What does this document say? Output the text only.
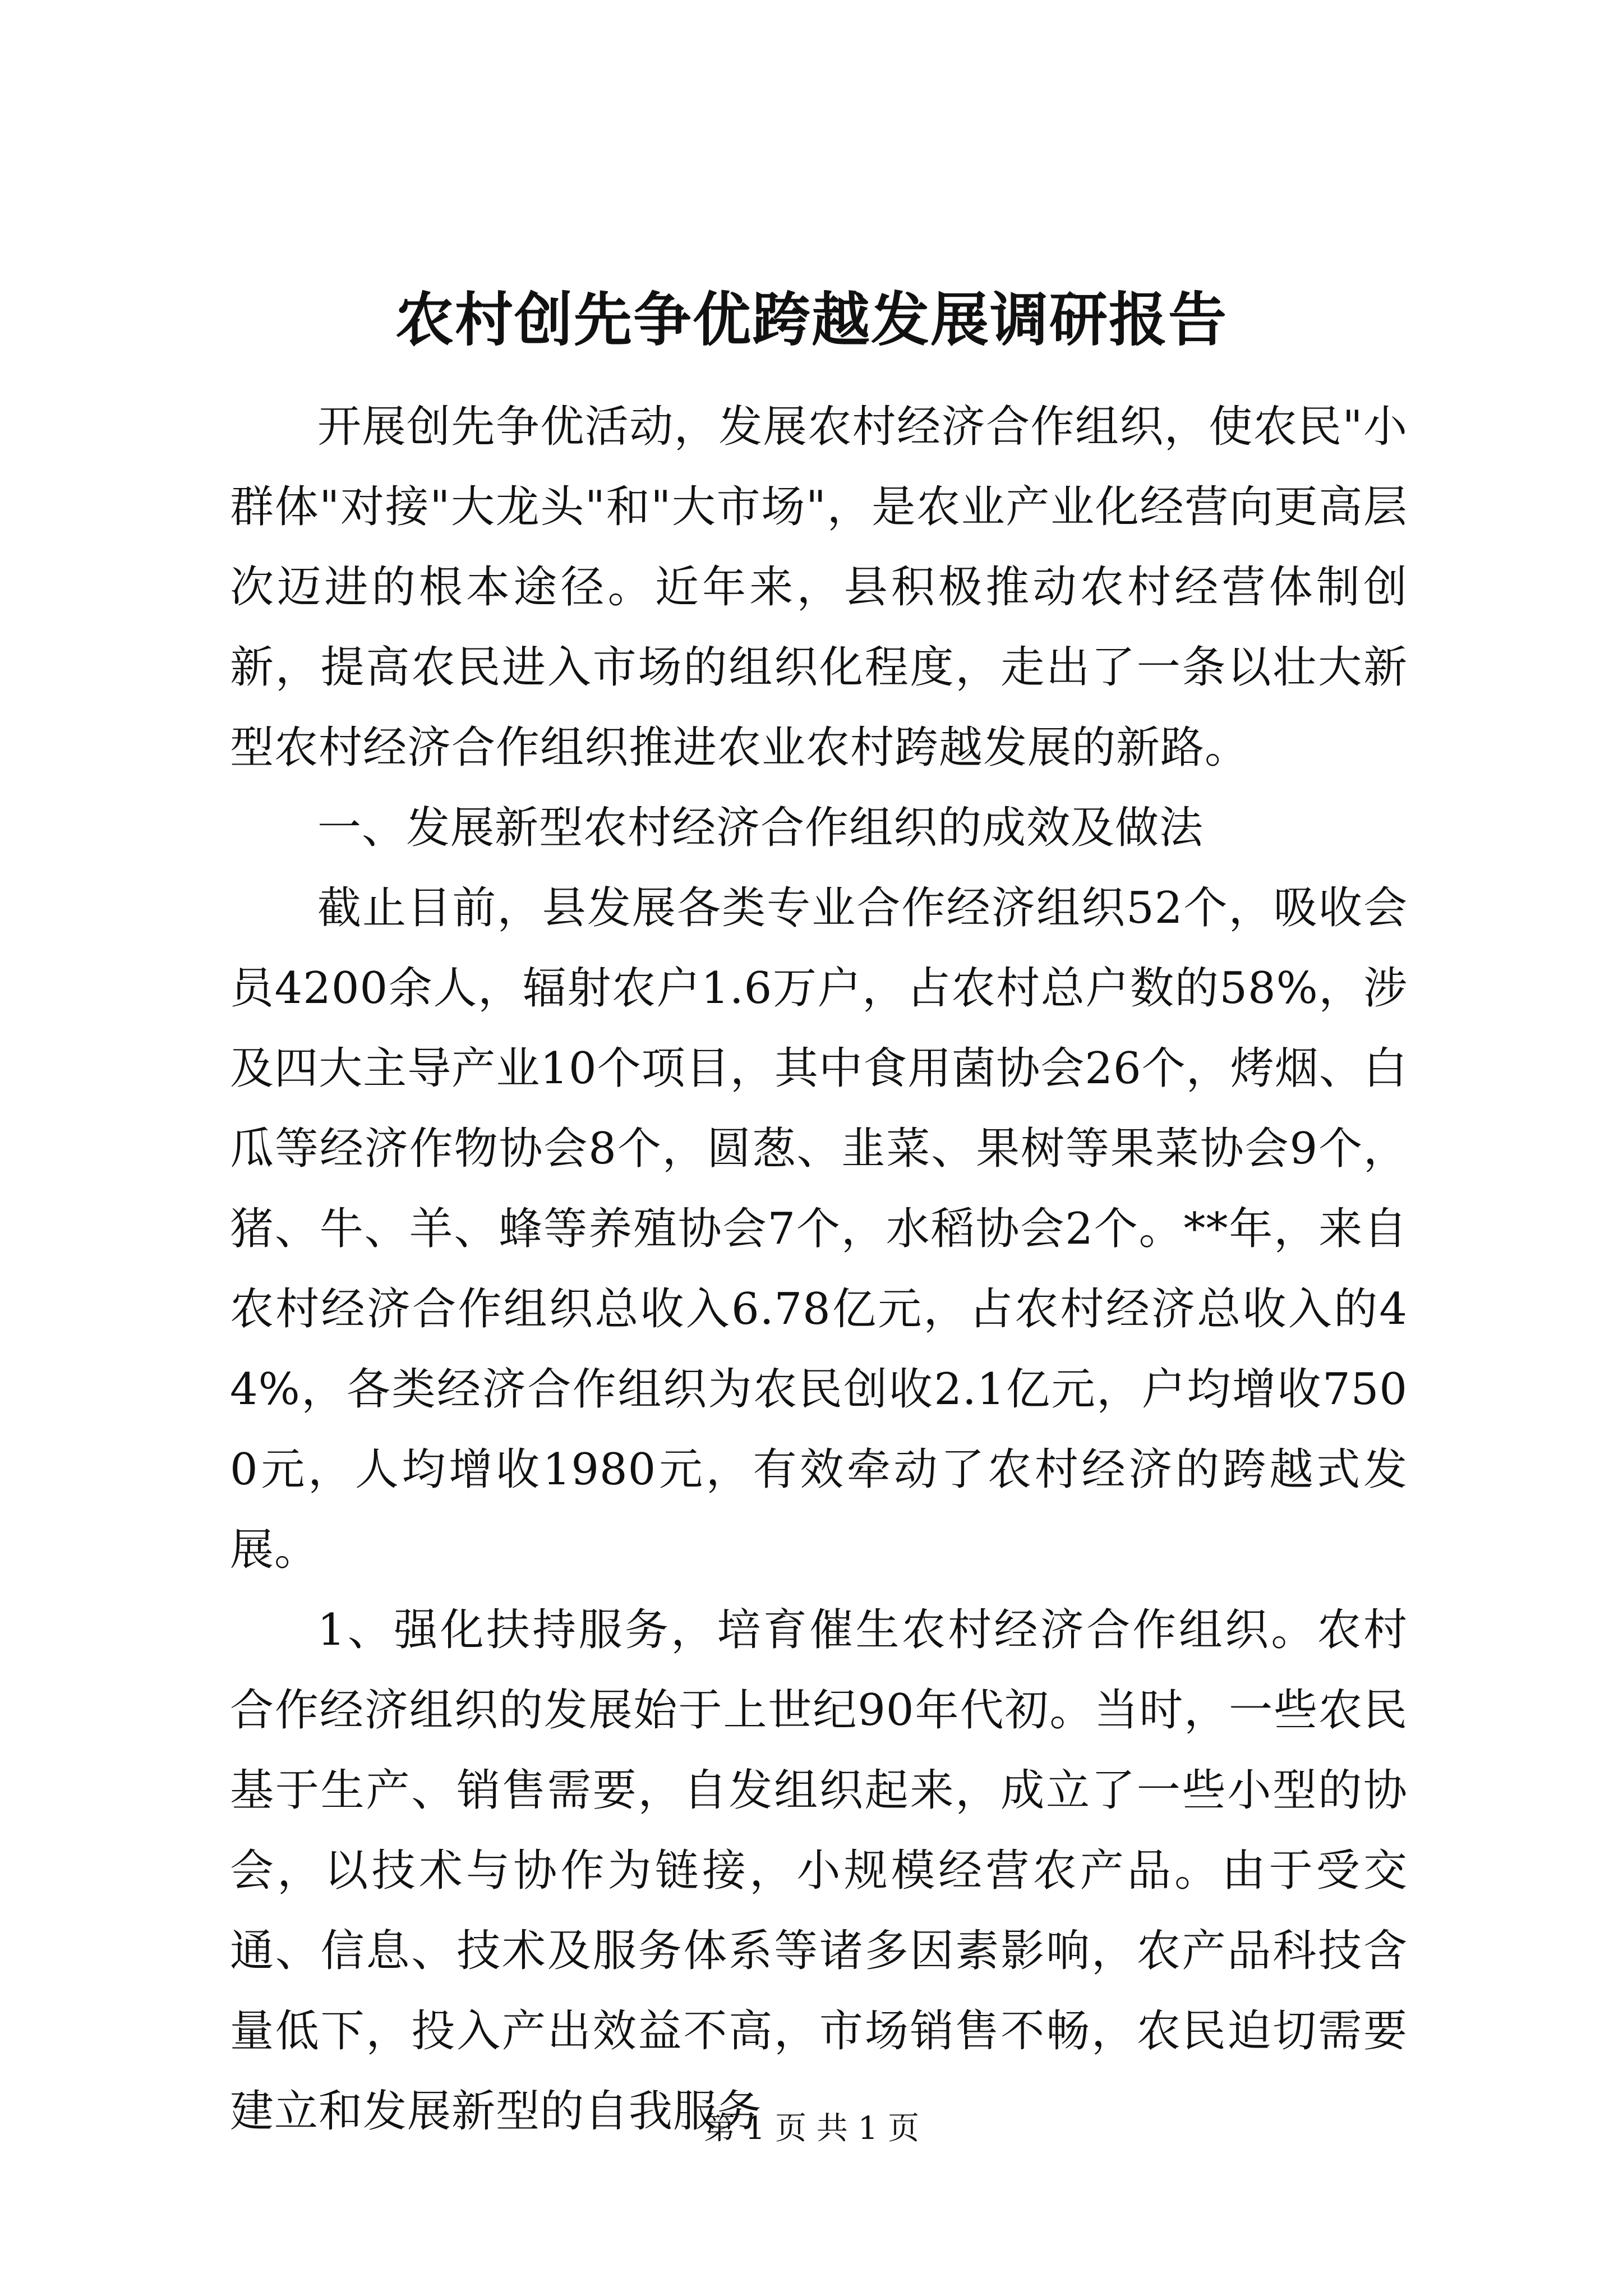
农村创先争优跨越发展调研报告

开展创先争优活动，发展农村经济合作组织，使农民"小群体"对接"大龙头"和"大市场"，是农业产业化经营向更高层次迈进的根本途径。近年来，县积极推动农村经营体制创新，提高农民进入市场的组织化程度，走出了一条以壮大新型农村经济合作组织推进农业农村跨越发展的新路。

一、发展新型农村经济合作组织的成效及做法

截止目前，县发展各类专业合作经济组织52个，吸收会员4200余人，辐射农户1.6万户，占农村总户数的58%，涉及四大主导产业10个项目，其中食用菌协会26个，烤烟、白瓜等经济作物协会8个，圆葱、韭菜、果树等果菜协会9个，猪、牛、羊、蜂等养殖协会7个，水稻协会2个。**年，来自农村经济合作组织总收入6.78亿元，占农村经济总收入的44%，各类经济合作组织为农民创收2.1亿元，户均增收7500元，人均增收1980元，有效牵动了农村经济的跨越式发展。

1、强化扶持服务，培育催生农村经济合作组织。农村合作经济组织的发展始于上世纪90年代初。当时，一些农民基于生产、销售需要，自发组织起来，成立了一些小型的协会，以技术与协作为链接，小规模经营农产品。由于受交通、信息、技术及服务体系等诸多因素影响，农产品科技含量低下，投入产出效益不高，市场销售不畅，农民迫切需要建立和发展新型的自我服务

第 1 页 共 1 页
